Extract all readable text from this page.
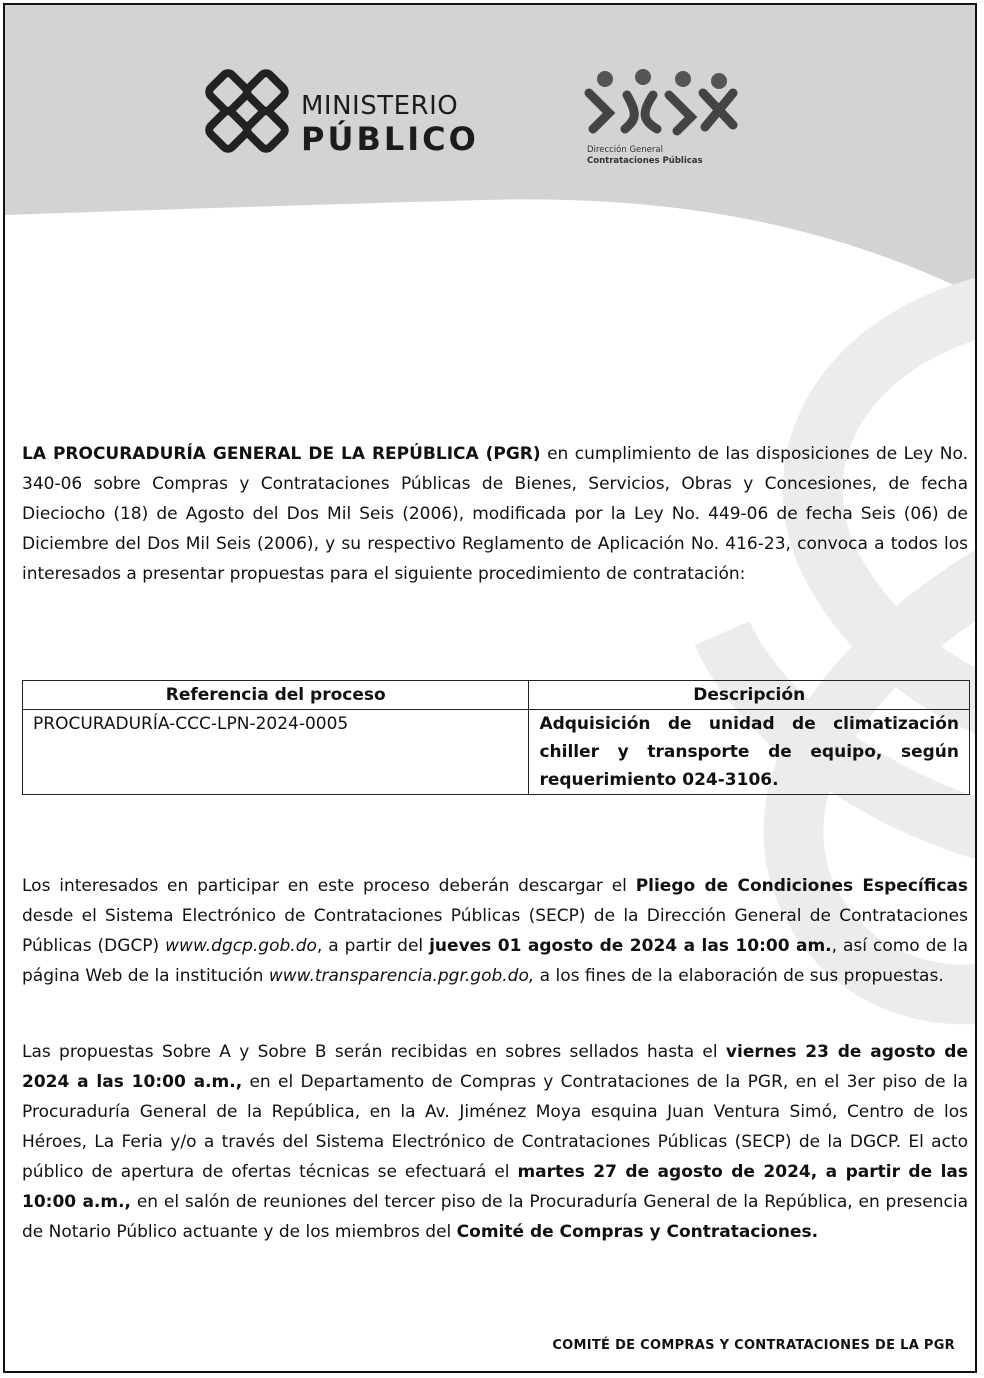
MINISTERIO
PÚBLICO	Dirección General
Contrataciones Públicas

LA PROCURADURÍA GENERAL DE LA REPÚBLICA (PGR) en cumplimiento de las disposiciones de Ley No. 340-06 sobre Compras y Contrataciones Públicas de Bienes, Servicios, Obras y Concesiones, de fecha Dieciocho (18) de Agosto del Dos Mil Seis (2006), modificada por la Ley No. 449-06 de fecha Seis (06) de Diciembre del Dos Mil Seis (2006), y su respectivo Reglamento de Aplicación No. 416-23, convoca a todos los interesados a presentar propuestas para el siguiente procedimiento de contratación:

Referencia del proceso	Descripción
PROCURADURÍA-CCC-LPN-2024-0005	Adquisición de unidad de climatización chiller y transporte de equipo, según requerimiento 024-3106.

Los interesados en participar en este proceso deberán descargar el Pliego de Condiciones Específicas desde el Sistema Electrónico de Contrataciones Públicas (SECP) de la Dirección General de Contrataciones Públicas (DGCP) www.dgcp.gob.do, a partir del jueves 01 agosto de 2024 a las 10:00 am., así como de la página Web de la institución www.transparencia.pgr.gob.do, a los fines de la elaboración de sus propuestas.

Las propuestas Sobre A y Sobre B serán recibidas en sobres sellados hasta el viernes 23 de agosto de 2024 a las 10:00 a.m., en el Departamento de Compras y Contrataciones de la PGR, en el 3er piso de la Procuraduría General de la República, en la Av. Jiménez Moya esquina Juan Ventura Simó, Centro de los Héroes, La Feria y/o a través del Sistema Electrónico de Contrataciones Públicas (SECP) de la DGCP. El acto público de apertura de ofertas técnicas se efectuará el martes 27 de agosto de 2024, a partir de las 10:00 a.m., en el salón de reuniones del tercer piso de la Procuraduría General de la República, en presencia de Notario Público actuante y de los miembros del Comité de Compras y Contrataciones.

COMITÉ DE COMPRAS Y CONTRATACIONES DE LA PGR
